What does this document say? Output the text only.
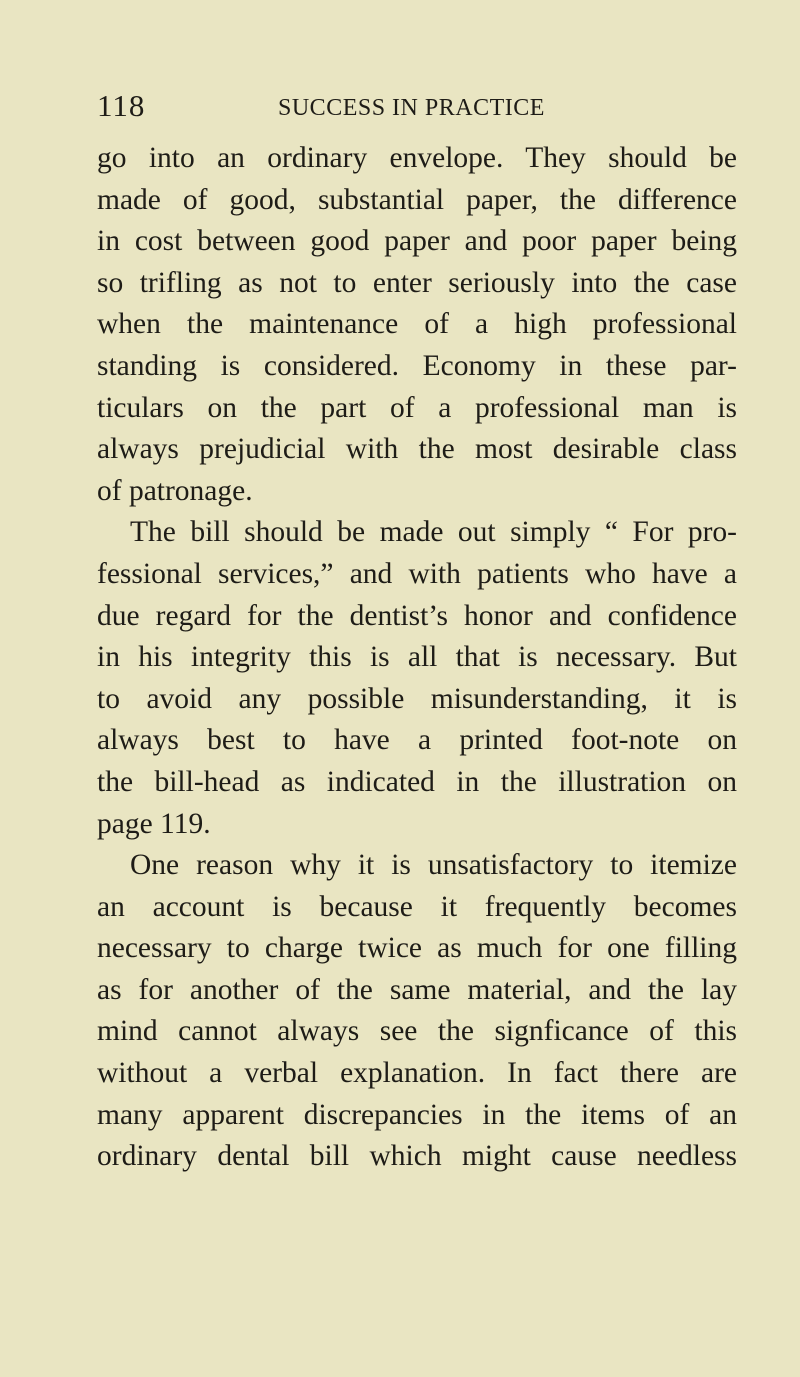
118	SUCCESS IN PRACTICE
go into an ordinary envelope. They should be
made of good, substantial paper, the difference
in cost between good paper and poor paper being
so trifling as not to enter seriously into the case
when the maintenance of a high professional
standing is considered. Economy in these par-
ticulars on the part of a professional man is
always prejudicial with the most desirable class
of patronage.
The bill should be made out simply “ For pro-
fessional services,” and with patients who have a
due regard for the dentist’s honor and confidence
in his integrity this is all that is necessary. But
to avoid any possible misunderstanding, it is
always best to have a printed foot-note on
the bill-head as indicated in the illustration on
page 119.
One reason why it is unsatisfactory to itemize
an account is because it frequently becomes
necessary to charge twice as much for one filling
as for another of the same material, and the lay
mind cannot always see the signficance of this
without a verbal explanation. In fact there are
many apparent discrepancies in the items of an
ordinary dental bill which might cause needless
